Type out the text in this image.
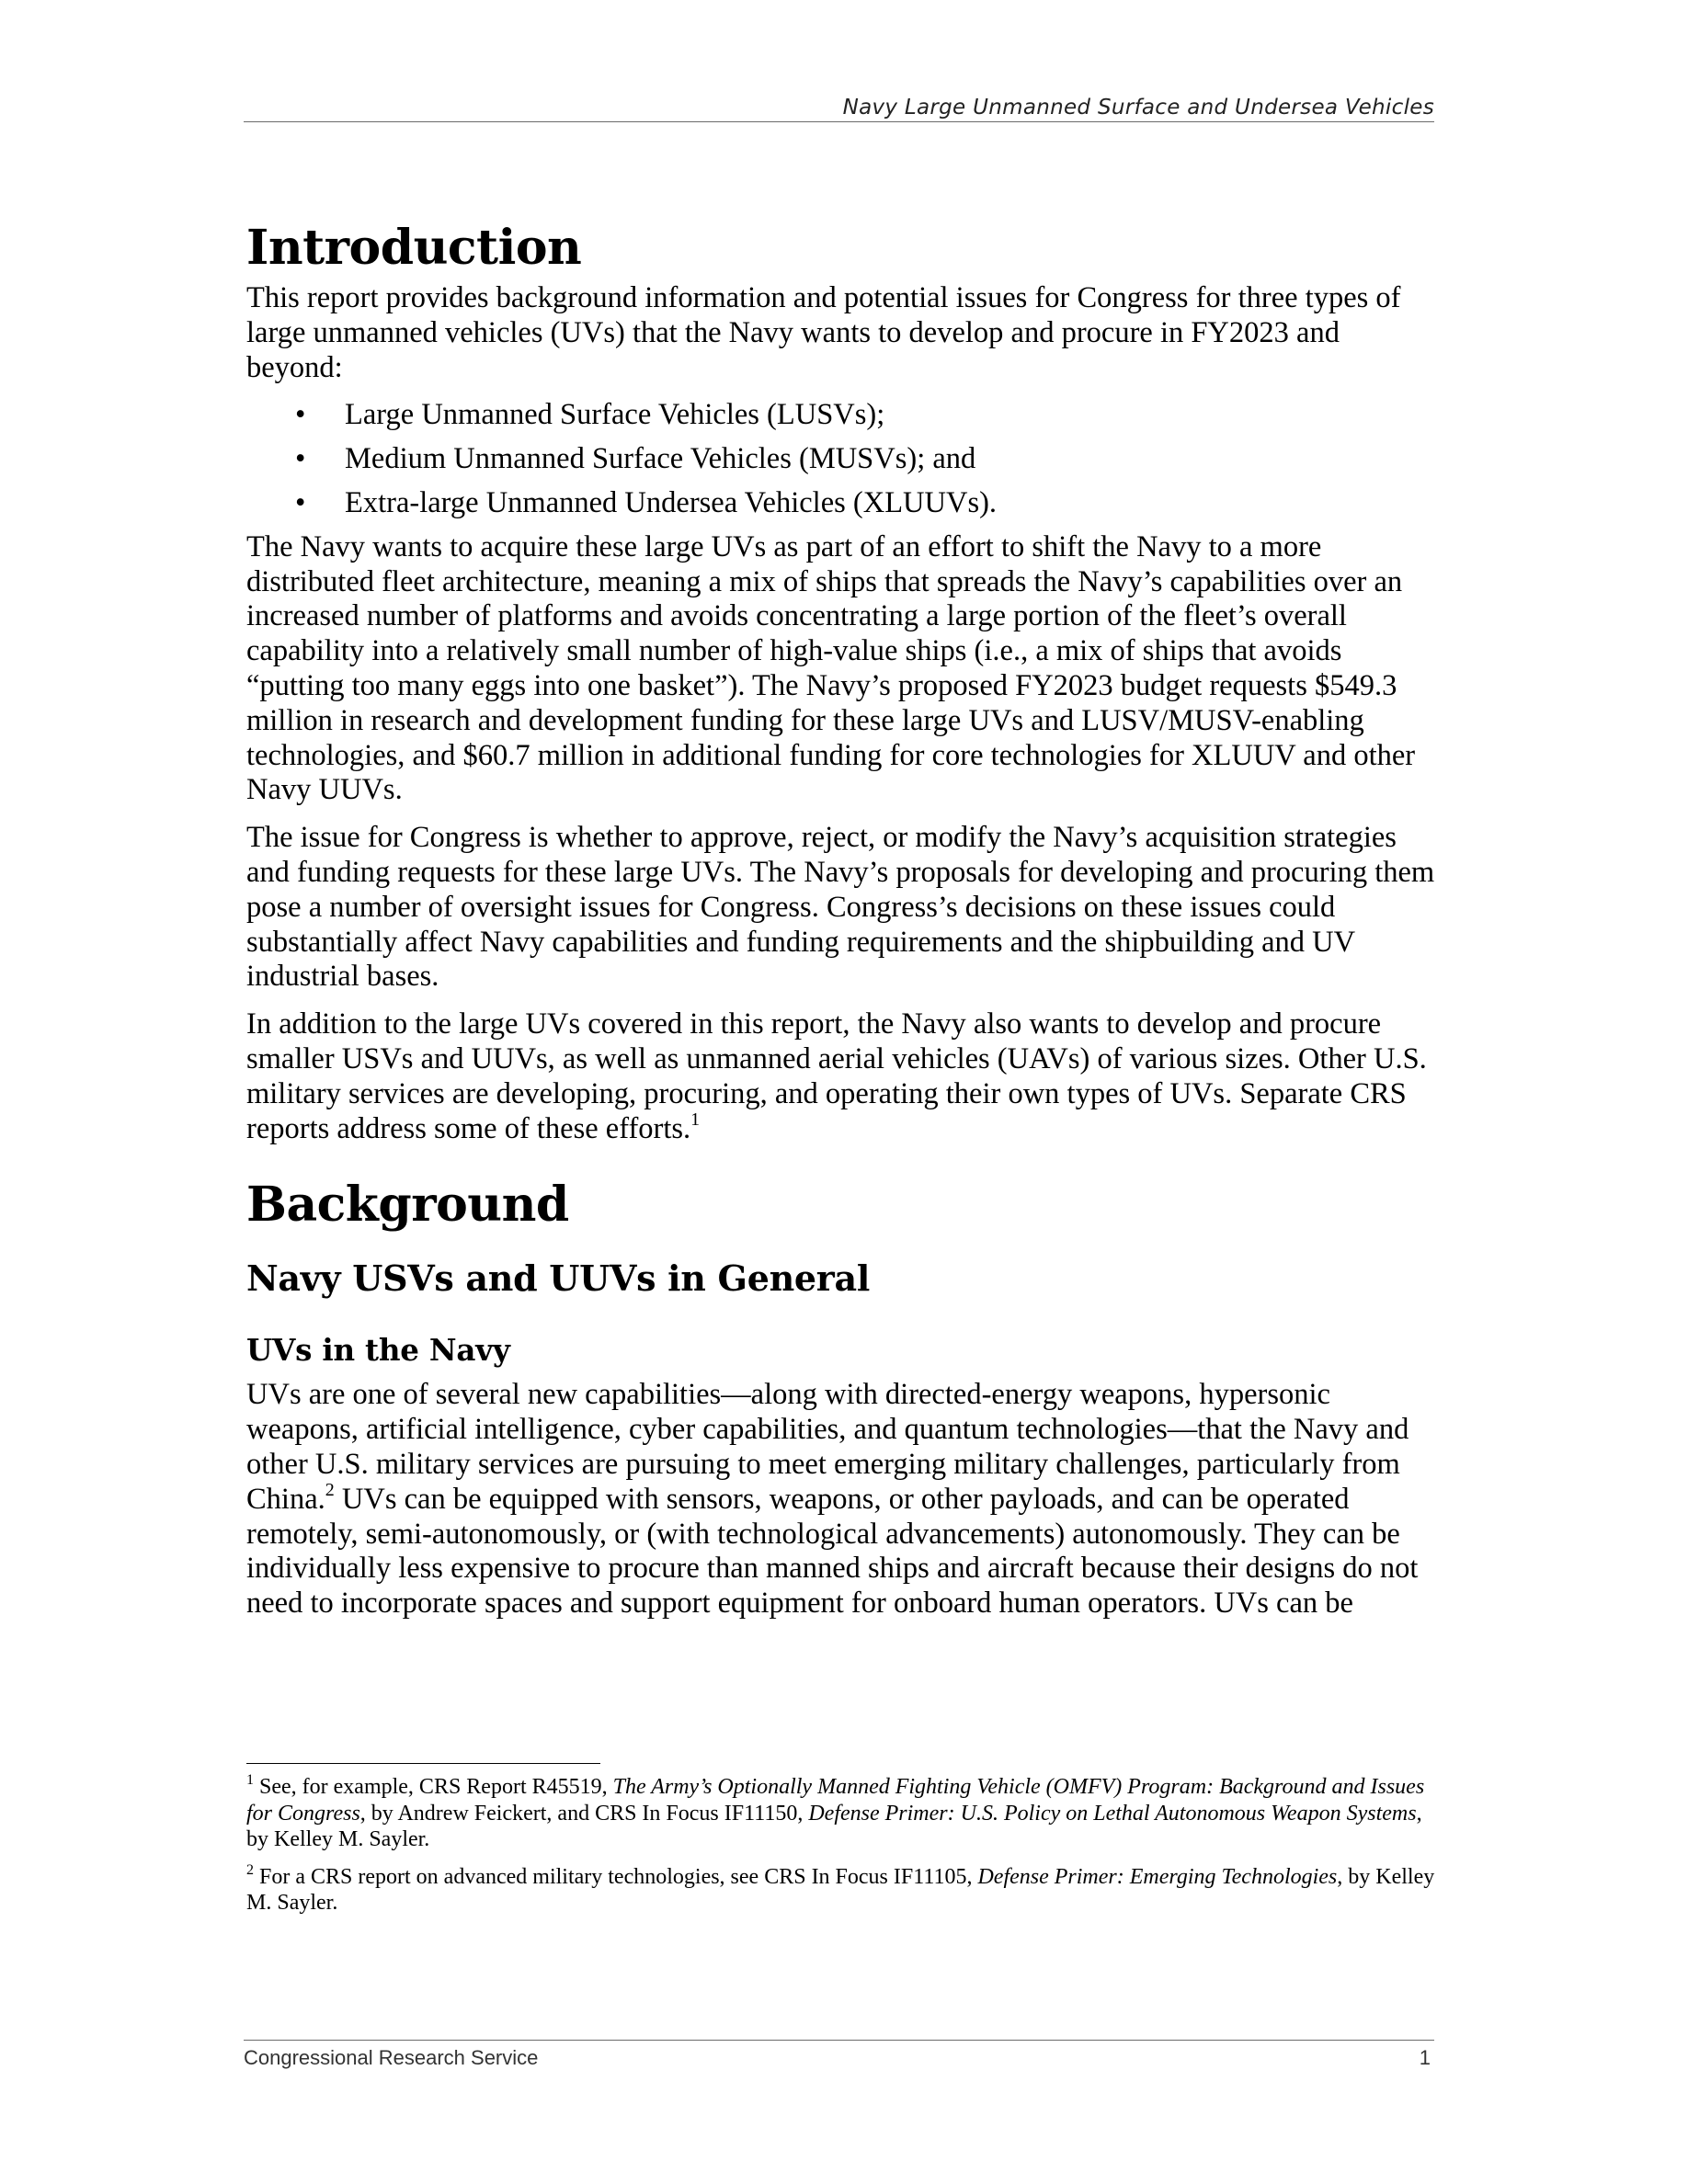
Navy Large Unmanned Surface and Undersea Vehicles
Introduction

This report provides background information and potential issues for Congress for three types of large unmanned vehicles (UVs) that the Navy wants to develop and procure in FY2023 and beyond:

• Large Unmanned Surface Vehicles (LUSVs);
• Medium Unmanned Surface Vehicles (MUSVs); and
• Extra-large Unmanned Undersea Vehicles (XLUUVs).

The Navy wants to acquire these large UVs as part of an effort to shift the Navy to a more distributed fleet architecture, meaning a mix of ships that spreads the Navy’s capabilities over an increased number of platforms and avoids concentrating a large portion of the fleet’s overall capability into a relatively small number of high-value ships (i.e., a mix of ships that avoids “putting too many eggs into one basket”). The Navy’s proposed FY2023 budget requests $549.3 million in research and development funding for these large UVs and LUSV/MUSV-enabling technologies, and $60.7 million in additional funding for core technologies for XLUUV and other Navy UUVs.

The issue for Congress is whether to approve, reject, or modify the Navy’s acquisition strategies and funding requests for these large UVs. The Navy’s proposals for developing and procuring them pose a number of oversight issues for Congress. Congress’s decisions on these issues could substantially affect Navy capabilities and funding requirements and the shipbuilding and UV industrial bases.

In addition to the large UVs covered in this report, the Navy also wants to develop and procure smaller USVs and UUVs, as well as unmanned aerial vehicles (UAVs) of various sizes. Other U.S. military services are developing, procuring, and operating their own types of UVs. Separate CRS reports address some of these efforts.$^1$

Background
Navy USVs and UUVs in General
UVs in the Navy

UVs are one of several new capabilities—along with directed-energy weapons, hypersonic weapons, artificial intelligence, cyber capabilities, and quantum technologies—that the Navy and other U.S. military services are pursuing to meet emerging military challenges, particularly from China.$^2$ UVs can be equipped with sensors, weapons, or other payloads, and can be operated remotely, semi-autonomously, or (with technological advancements) autonomously. They can be individually less expensive to procure than manned ships and aircraft because their designs do not need to incorporate spaces and support equipment for onboard human operators. UVs can be

$^1$ See, for example, CRS Report R45519, The Army’s Optionally Manned Fighting Vehicle (OMFV) Program: Background and Issues for Congress, by Andrew Feickert, and CRS In Focus IF11150, Defense Primer: U.S. Policy on Lethal Autonomous Weapon Systems, by Kelley M. Sayler.

$^2$ For a CRS report on advanced military technologies, see CRS In Focus IF11105, Defense Primer: Emerging Technologies, by Kelley M. Sayler.

Congressional Research Service	1
